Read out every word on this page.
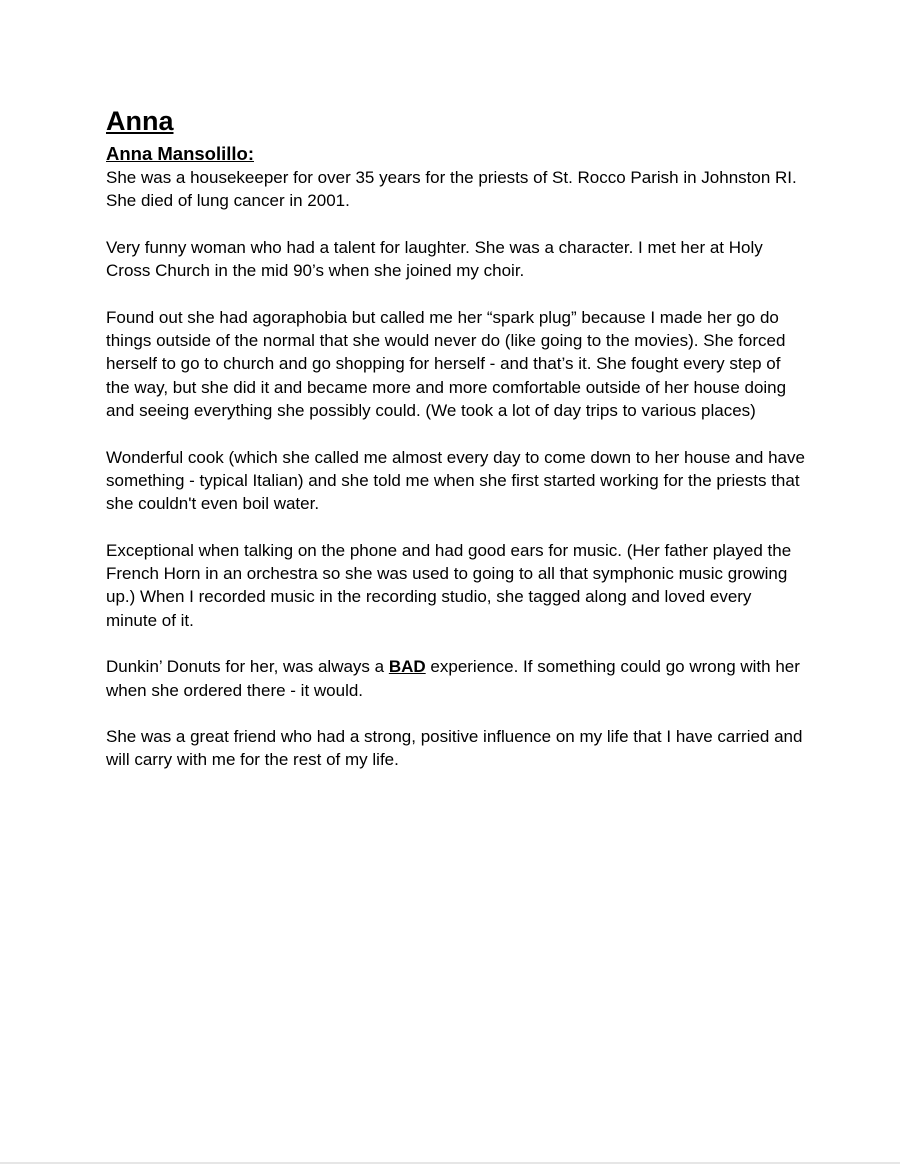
Anna
Anna Mansolillo:

She was a housekeeper for over 35 years for the priests of St. Rocco Parish in Johnston RI. She died of lung cancer in 2001.

Very funny woman who had a talent for laughter. She was a character. I met her at Holy Cross Church in the mid 90’s when she joined my choir.

Found out she had agoraphobia but called me her “spark plug” because I made her go do things outside of the normal that she would never do (like going to the movies). She forced herself to go to church and go shopping for herself - and that’s it. She fought every step of the way, but she did it and became more and more comfortable outside of her house doing and seeing everything she possibly could. (We took a lot of day trips to various places)

Wonderful cook (which she called me almost every day to come down to her house and have something - typical Italian) and she told me when she first started working for the priests that she couldn't even boil water.

Exceptional when talking on the phone and had good ears for music. (Her father played the French Horn in an orchestra so she was used to going to all that symphonic music growing up.) When I recorded music in the recording studio, she tagged along and loved every minute of it.

Dunkin’ Donuts for her, was always a BAD experience. If something could go wrong with her when she ordered there - it would.

She was a great friend who had a strong, positive influence on my life that I have carried and will carry with me for the rest of my life.
